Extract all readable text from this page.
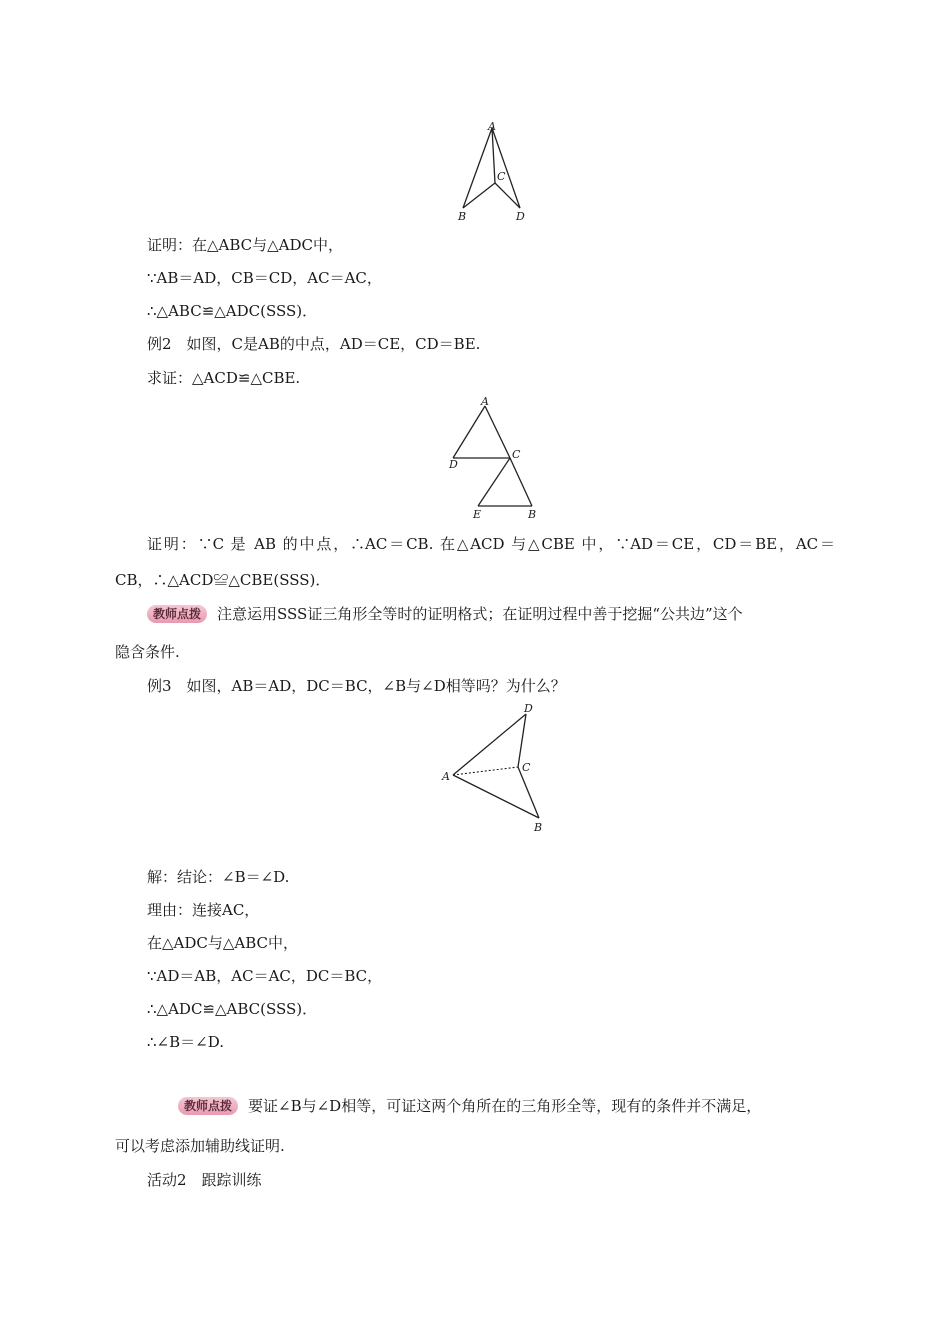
A
B
C
D
证明：在△ABC与△ADC中，
∵AB＝AD，CB＝CD，AC＝AC，
∴△ABC≌△ADC(SSS)．
例2　如图，C是AB的中点，AD＝CE，CD＝BE.
求证：△ACD≌△CBE.
A
C
D
E	B
证明：∵C 是 AB 的中点，∴AC＝CB. 在△ACD 与△CBE 中，∵AD＝CE，CD＝BE，AC＝
CB，∴△ACD≌△CBE(SSS)．
教师点拨 注意运用SSS证三角形全等时的证明格式；在证明过程中善于挖掘“公共边”这个
隐含条件.
例3　如图，AB＝AD，DC＝BC，∠B与∠D相等吗？为什么？
D
A
C
B
解：结论：∠B＝∠D.
理由：连接AC，
在△ADC与△ABC中，
∵AD＝AB，AC＝AC，DC＝BC，
∴△ADC≌△ABC(SSS)．
∴∠B＝∠D.
教师点拨 要证∠B与∠D相等，可证这两个角所在的三角形全等，现有的条件并不满足，
可以考虑添加辅助线证明.
活动2　跟踪训练
